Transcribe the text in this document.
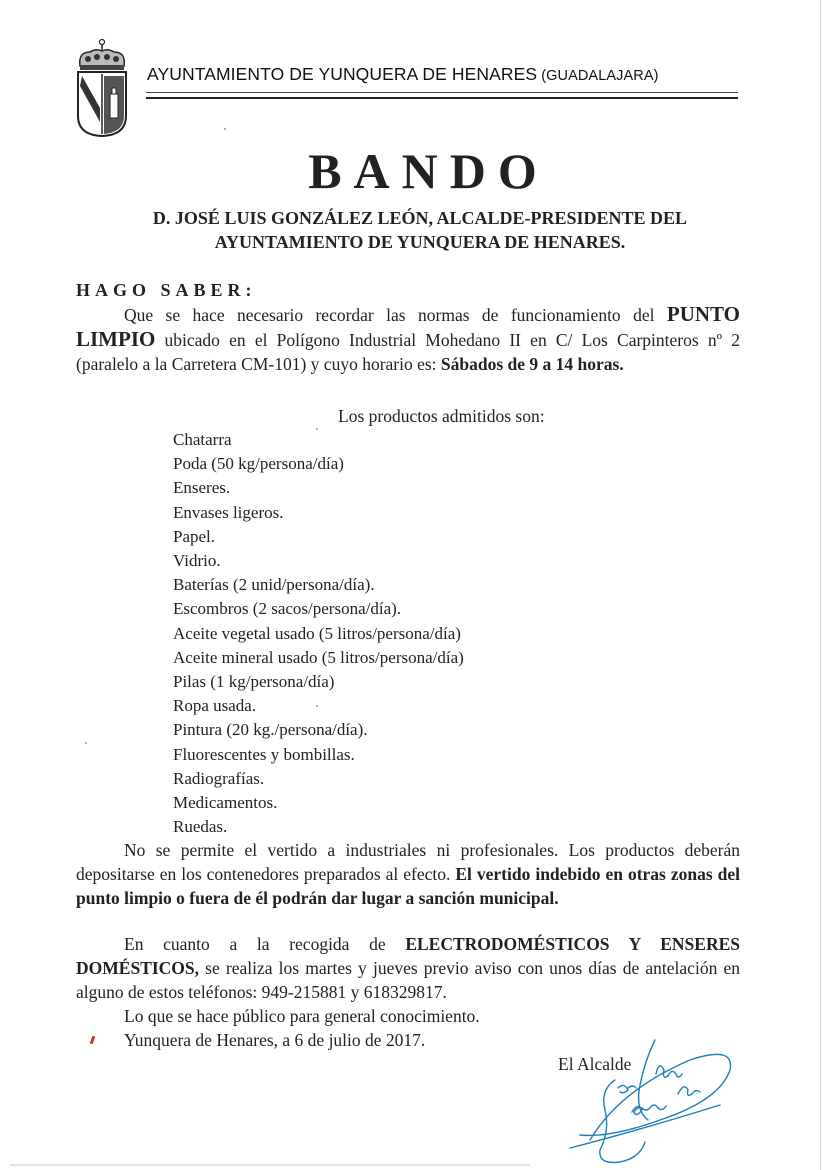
AYUNTAMIENTO DE YUNQUERA DE HENARES (GUADALAJARA)
BANDO
D. JOSÉ LUIS GONZÁLEZ LEÓN, ALCALDE-PRESIDENTE DEL
AYUNTAMIENTO DE YUNQUERA DE HENARES.
HAGO SABER:
Que se hace necesario recordar las normas de funcionamiento del PUNTO LIMPIO ubicado en el Polígono Industrial Mohedano II en C/ Los Carpinteros nº 2 (paralelo a la Carretera CM-101) y cuyo horario es: Sábados de 9 a 14 horas.
Los productos admitidos son:
Chatarra
Poda (50 kg/persona/día)
Enseres.
Envases ligeros.
Papel.
Vidrio.
Baterías (2 unid/persona/día).
Escombros (2 sacos/persona/día).
Aceite vegetal usado (5 litros/persona/día)
Aceite mineral usado (5 litros/persona/día)
Pilas (1 kg/persona/día)
Ropa usada.
Pintura (20 kg./persona/día).
Fluorescentes y bombillas.
Radiografías.
Medicamentos.
Ruedas.
No se permite el vertido a industriales ni profesionales. Los productos deberán depositarse en los contenedores preparados al efecto. El vertido indebido en otras zonas del punto limpio o fuera de él podrán dar lugar a sanción municipal.
En cuanto a la recogida de ELECTRODOMÉSTICOS Y ENSERES DOMÉSTICOS, se realiza los martes y jueves previo aviso con unos días de antelación en alguno de estos teléfonos: 949-215881 y 618329817.
Lo que se hace público para general conocimiento.
Yunquera de Henares, a 6 de julio de 2017.
El Alcalde
